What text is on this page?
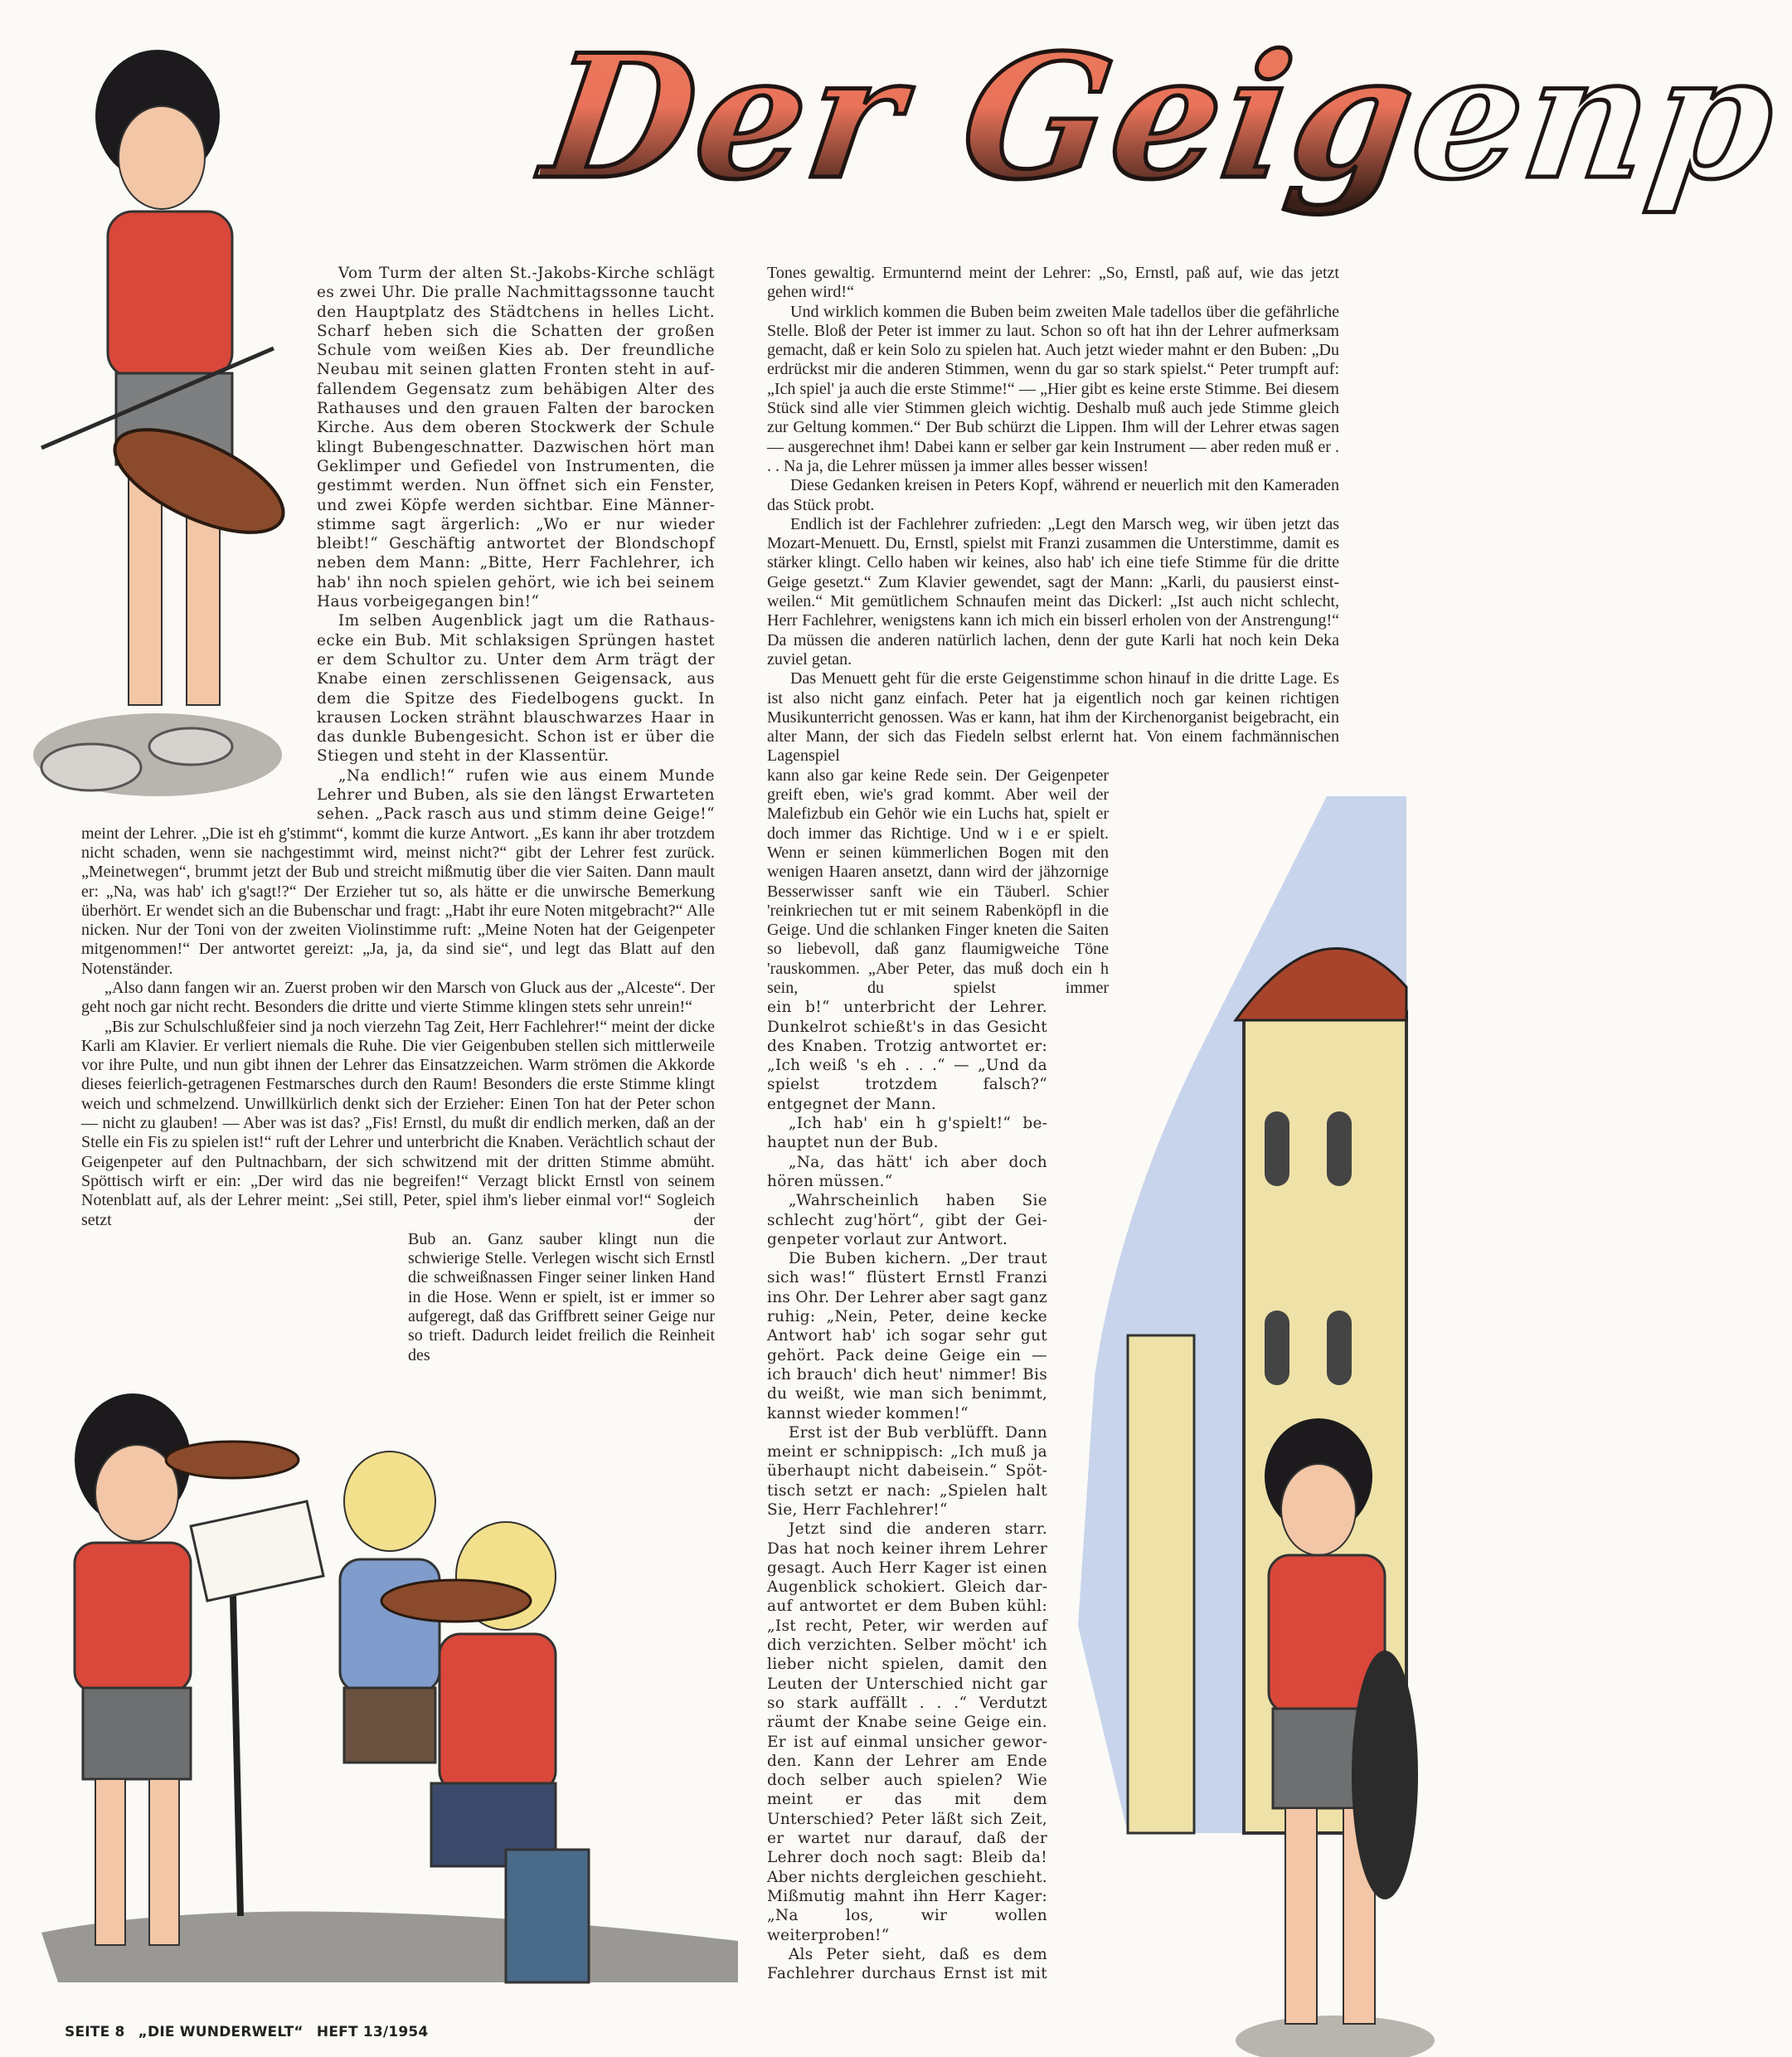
Der Geigenp

Vom Turm der alten St.-Jakobs-Kirche schlägt es zwei Uhr. Die pralle Nachmittagssonne taucht den Hauptplatz des Städtchens in helles Licht. Scharf heben sich die Schatten der großen Schule vom weißen Kies ab. Der freundliche Neubau mit seinen glatten Fronten steht in auffallendem Gegensatz zum behäbigen Alter des Rathauses und den grauen Falten der barocken Kirche. Aus dem oberen Stockwerk der Schule klingt Bubengeschnatter. Dazwischen hört man Geklimper und Gefiedel von Instrumenten, die gestimmt werden. Nun öffnet sich ein Fenster, und zwei Köpfe werden sichtbar. Eine Männerstimme sagt ärgerlich: „Wo er nur wieder bleibt!“ Geschäftig antwortet der Blondschopf neben dem Mann: „Bitte, Herr Fachlehrer, ich hab' ihn noch spielen gehört, wie ich bei seinem Haus vorbeigegangen bin!“

Im selben Augenblick jagt um die Rathausecke ein Bub. Mit schlaksigen Sprüngen hastet er dem Schultor zu. Unter dem Arm trägt der Knabe einen zerschlissenen Geigensack, aus dem die Spitze des Fiedelbogens guckt. In krausen Locken strähnt blauschwarzes Haar in das dunkle Bubengesicht. Schon ist er über die Stiegen und steht in der Klassentür.

„Na endlich!“ rufen wie aus einem Munde Lehrer und Buben, als sie den längst Erwarteten sehen. „Pack rasch aus und stimm deine Geige!“

meint der Lehrer. „Die ist eh g'stimmt“, kommt die kurze Antwort. „Es kann ihr aber trotzdem nicht schaden, wenn sie nachgestimmt wird, meinst nicht?“ gibt der Lehrer fest zurück. „Meinetwegen“, brummt jetzt der Bub und streicht mißmutig über die vier Saiten. Dann mault er: „Na, was hab' ich g'sagt!?“ Der Erzieher tut so, als hätte er die unwirsche Bemerkung überhört. Er wendet sich an die Bubenschar und fragt: „Habt ihr eure Noten mitgebracht?“ Alle nicken. Nur der Toni von der zweiten Violinstimme ruft: „Meine Noten hat der Geigenpeter mitgenommen!“ Der antwortet gereizt: „Ja, ja, da sind sie“, und legt das Blatt auf den Notenständer.

„Also dann fangen wir an. Zuerst proben wir den Marsch von Gluck aus der „Alceste“. Der geht noch gar nicht recht. Besonders die dritte und vierte Stimme klingen stets sehr unrein!“

„Bis zur Schulschlußfeier sind ja noch vierzehn Tag Zeit, Herr Fachlehrer!“ meint der dicke Karli am Klavier. Er verliert niemals die Ruhe. Die vier Geigenbuben stellen sich mittlerweile vor ihre Pulte, und nun gibt ihnen der Lehrer das Einsatzzeichen. Warm strömen die Akkorde dieses feierlich-getragenen Festmarsches durch den Raum! Besonders die erste Stimme klingt weich und schmelzend. Unwillkürlich denkt sich der Erzieher: Einen Ton hat der Peter schon — nicht zu glauben! — Aber was ist das? „Fis! Ernstl, du mußt dir endlich merken, daß an der Stelle ein Fis zu spielen ist!“ ruft der Lehrer und unterbricht die Knaben. Verächtlich schaut der Geigenpeter auf den Pultnachbarn, der sich schwitzend mit der dritten Stimme abmüht. Spöttisch wirft er ein: „Der wird das nie begreifen!“ Verzagt blickt Ernstl von seinem Notenblatt auf, als der Lehrer meint: „Sei still, Peter, spiel ihm's lieber einmal vor!“ Sogleich setzt der

Bub an. Ganz sauber klingt nun die schwierige Stelle. Verlegen wischt sich Ernstl die schweißnassen Finger seiner linken Hand in die Hose. Wenn er spielt, ist er immer so aufgeregt, daß das Griffbrett seiner Geige nur so trieft. Dadurch leidet freilich die Reinheit des

Tones gewaltig. Ermunternd meint der Lehrer: „So, Ernstl, paß auf, wie das jetzt gehen wird!“

Und wirklich kommen die Buben beim zweiten Male tadellos über die gefährliche Stelle. Bloß der Peter ist immer zu laut. Schon so oft hat ihn der Lehrer aufmerksam gemacht, daß er kein Solo zu spielen hat. Auch jetzt wieder mahnt er den Buben: „Du erdrückst mir die anderen Stimmen, wenn du gar so stark spielst.“ Peter trumpft auf: „Ich spiel' ja auch die erste Stimme!“ — „Hier gibt es keine erste Stimme. Bei diesem Stück sind alle vier Stimmen gleich wichtig. Deshalb muß auch jede Stimme gleich zur Geltung kommen.“ Der Bub schürzt die Lippen. Ihm will der Lehrer etwas sagen — ausgerechnet ihm! Dabei kann er selber gar kein Instrument — aber reden muß er . . . Na ja, die Lehrer müssen ja immer alles besser wissen!

Diese Gedanken kreisen in Peters Kopf, während er neuerlich mit den Kameraden das Stück probt.

Endlich ist der Fachlehrer zufrieden: „Legt den Marsch weg, wir üben jetzt das Mozart-Menuett. Du, Ernstl, spielst mit Franzi zusammen die Unterstimme, damit es stärker klingt. Cello haben wir keines, also hab' ich eine tiefe Stimme für die dritte Geige gesetzt.“ Zum Klavier gewendet, sagt der Mann: „Karli, du pausierst einstweilen.“ Mit gemütlichem Schnaufen meint das Dickerl: „Ist auch nicht schlecht, Herr Fachlehrer, wenigstens kann ich mich ein bisserl erholen von der Anstrengung!“ Da müssen die anderen natürlich lachen, denn der gute Karli hat noch kein Deka zuviel getan.

Das Menuett geht für die erste Geigenstimme schon hinauf in die dritte Lage. Es ist also nicht ganz einfach. Peter hat ja eigentlich noch gar keinen richtigen Musikunterricht genossen. Was er kann, hat ihm der Kirchenorganist beigebracht, ein alter Mann, der sich das Fiedeln selbst erlernt hat. Von einem fachmännischen Lagenspiel

kann also gar keine Rede sein. Der Geigenpeter greift eben, wie's grad kommt. Aber weil der Malefizbub ein Gehör wie ein Luchs hat, spielt er doch immer das Richtige. Und w i e er spielt. Wenn er seinen kümmerlichen Bogen mit den wenigen Haaren ansetzt, dann wird der jähzornige Besserwisser sanft wie ein Täuberl. Schier 'reinkriechen tut er mit seinem Rabenköpfl in die Geige. Und die schlanken Finger kneten die Saiten so liebevoll, daß ganz flaumigweiche Töne 'rauskommen. „Aber Peter, das muß doch ein h sein, du spielst immer

ein b!“ unterbricht der Lehrer. Dunkelrot schießt's in das Gesicht des Knaben. Trotzig antwortet er: „Ich weiß 's eh . . .“ — „Und da spielst trotzdem falsch?“ entgegnet der Mann.

„Ich hab' ein h g'spielt!“ behauptet nun der Bub.

„Na, das hätt' ich aber doch hören müssen.“

„Wahrscheinlich haben Sie schlecht zug'hört“, gibt der Geigenpeter vorlaut zur Antwort.

Die Buben kichern. „Der traut sich was!“ flüstert Ernstl Franzi ins Ohr. Der Lehrer aber sagt ganz ruhig: „Nein, Peter, deine kecke Antwort hab' ich sogar sehr gut gehört. Pack deine Geige ein — ich brauch' dich heut' nimmer! Bis du weißt, wie man sich benimmt, kannst wieder kommen!“

Erst ist der Bub verblüfft. Dann meint er schnippisch: „Ich muß ja überhaupt nicht dabeisein.“ Spöttisch setzt er nach: „Spielen halt Sie, Herr Fachlehrer!“

Jetzt sind die anderen starr. Das hat noch keiner ihrem Lehrer gesagt. Auch Herr Kager ist einen Augenblick schokiert. Gleich darauf antwortet er dem Buben kühl: „Ist recht, Peter, wir werden auf dich verzichten. Selber möcht' ich lieber nicht spielen, damit den Leuten der Unterschied nicht gar so stark auffällt . . .“ Verdutzt räumt der Knabe seine Geige ein. Er ist auf einmal unsicher geworden. Kann der Lehrer am Ende doch selber auch spielen? Wie meint er das mit dem Unterschied? Peter läßt sich Zeit, er wartet nur darauf, daß der Lehrer doch noch sagt: Bleib da! Aber nichts dergleichen geschieht. Mißmutig mahnt ihn Herr Kager: „Na los, wir wollen weiterproben!“

Als Peter sieht, daß es dem Fachlehrer durchaus Ernst ist mit

SEITE 8 „DIE WUNDERWELT“ HEFT 13/1954
